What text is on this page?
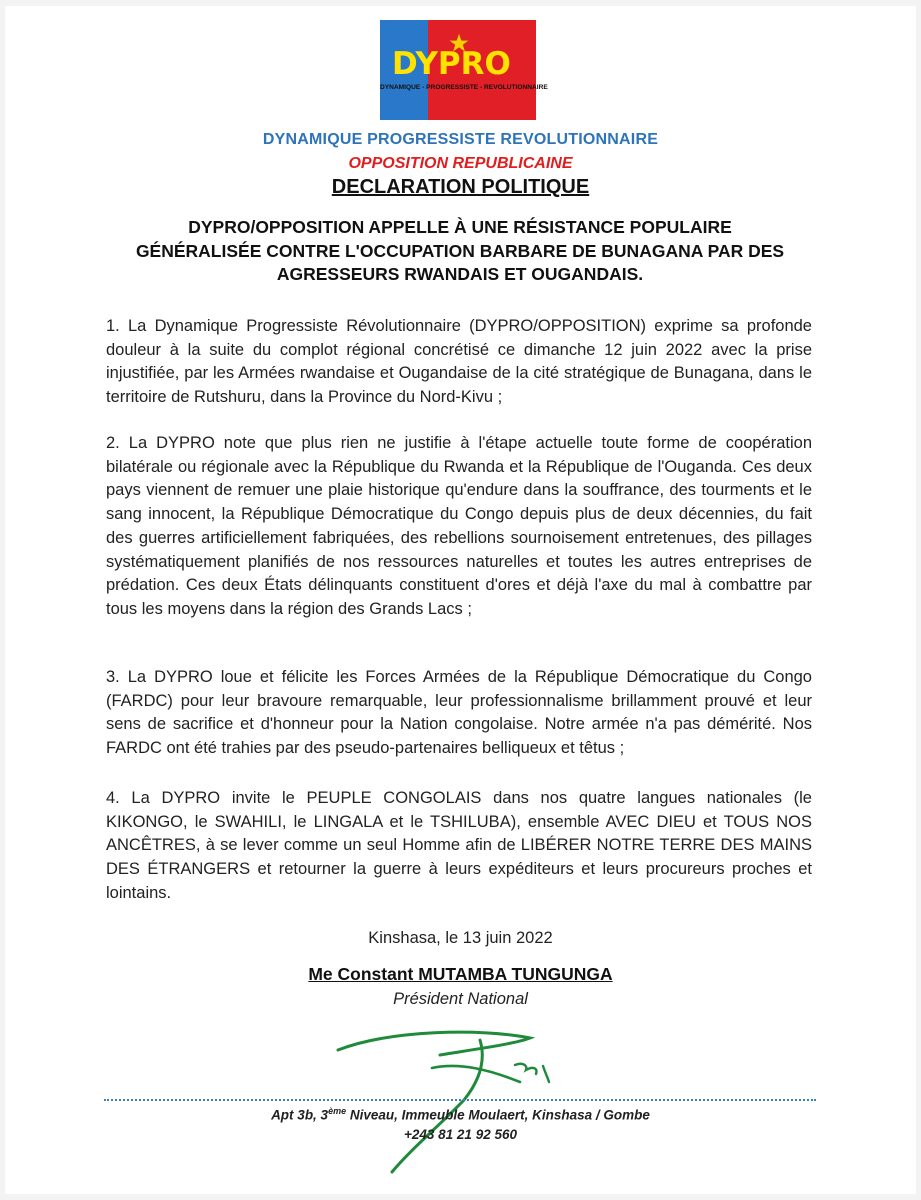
DYPRO
DYNAMIQUE - PROGRESSISTE - REVOLUTIONNAIRE
DYNAMIQUE PROGRESSISTE REVOLUTIONNAIRE
OPPOSITION REPUBLICAINE
DECLARATION POLITIQUE
DYPRO/OPPOSITION APPELLE À UNE RÉSISTANCE POPULAIRE
GÉNÉRALISÉE CONTRE L'OCCUPATION BARBARE DE BUNAGANA PAR DES
AGRESSEURS RWANDAIS ET OUGANDAIS.
1. La Dynamique Progressiste Révolutionnaire (DYPRO/OPPOSITION) exprime sa profonde douleur à la suite du complot régional concrétisé ce dimanche 12 juin 2022 avec la prise injustifiée, par les Armées rwandaise et Ougandaise de la cité stratégique de Bunagana, dans le territoire de Rutshuru, dans la Province du Nord-Kivu ;
2. La DYPRO note que plus rien ne justifie à l'étape actuelle toute forme de coopération bilatérale ou régionale avec la République du Rwanda et la République de l'Ouganda. Ces deux pays viennent de remuer une plaie historique qu'endure dans la souffrance, des tourments et le sang innocent, la République Démocratique du Congo depuis plus de deux décennies, du fait des guerres artificiellement fabriquées, des rebellions sournoisement entretenues, des pillages systématiquement planifiés de nos ressources naturelles et toutes les autres entreprises de prédation. Ces deux États délinquants constituent d'ores et déjà l'axe du mal à combattre par tous les moyens dans la région des Grands Lacs ;
3. La DYPRO loue et félicite les Forces Armées de la République Démocratique du Congo (FARDC) pour leur bravoure remarquable, leur professionnalisme brillamment prouvé et leur sens de sacrifice et d'honneur pour la Nation congolaise. Notre armée n'a pas démérité. Nos FARDC ont été trahies par des pseudo-partenaires belliqueux et têtus ;
4. La DYPRO invite le PEUPLE CONGOLAIS dans nos quatre langues nationales (le KIKONGO, le SWAHILI, le LINGALA et le TSHILUBA), ensemble AVEC DIEU et TOUS NOS ANCÊTRES, à se lever comme un seul Homme afin de LIBÉRER NOTRE TERRE DES MAINS DES ÉTRANGERS et retourner la guerre à leurs expéditeurs et leurs procureurs proches et lointains.
Kinshasa, le 13 juin 2022
Me Constant MUTAMBA TUNGUNGA
Président National
Apt 3b, 3ème Niveau, Immeuble Moulaert, Kinshasa / Gombe
+243 81 21 92 560
